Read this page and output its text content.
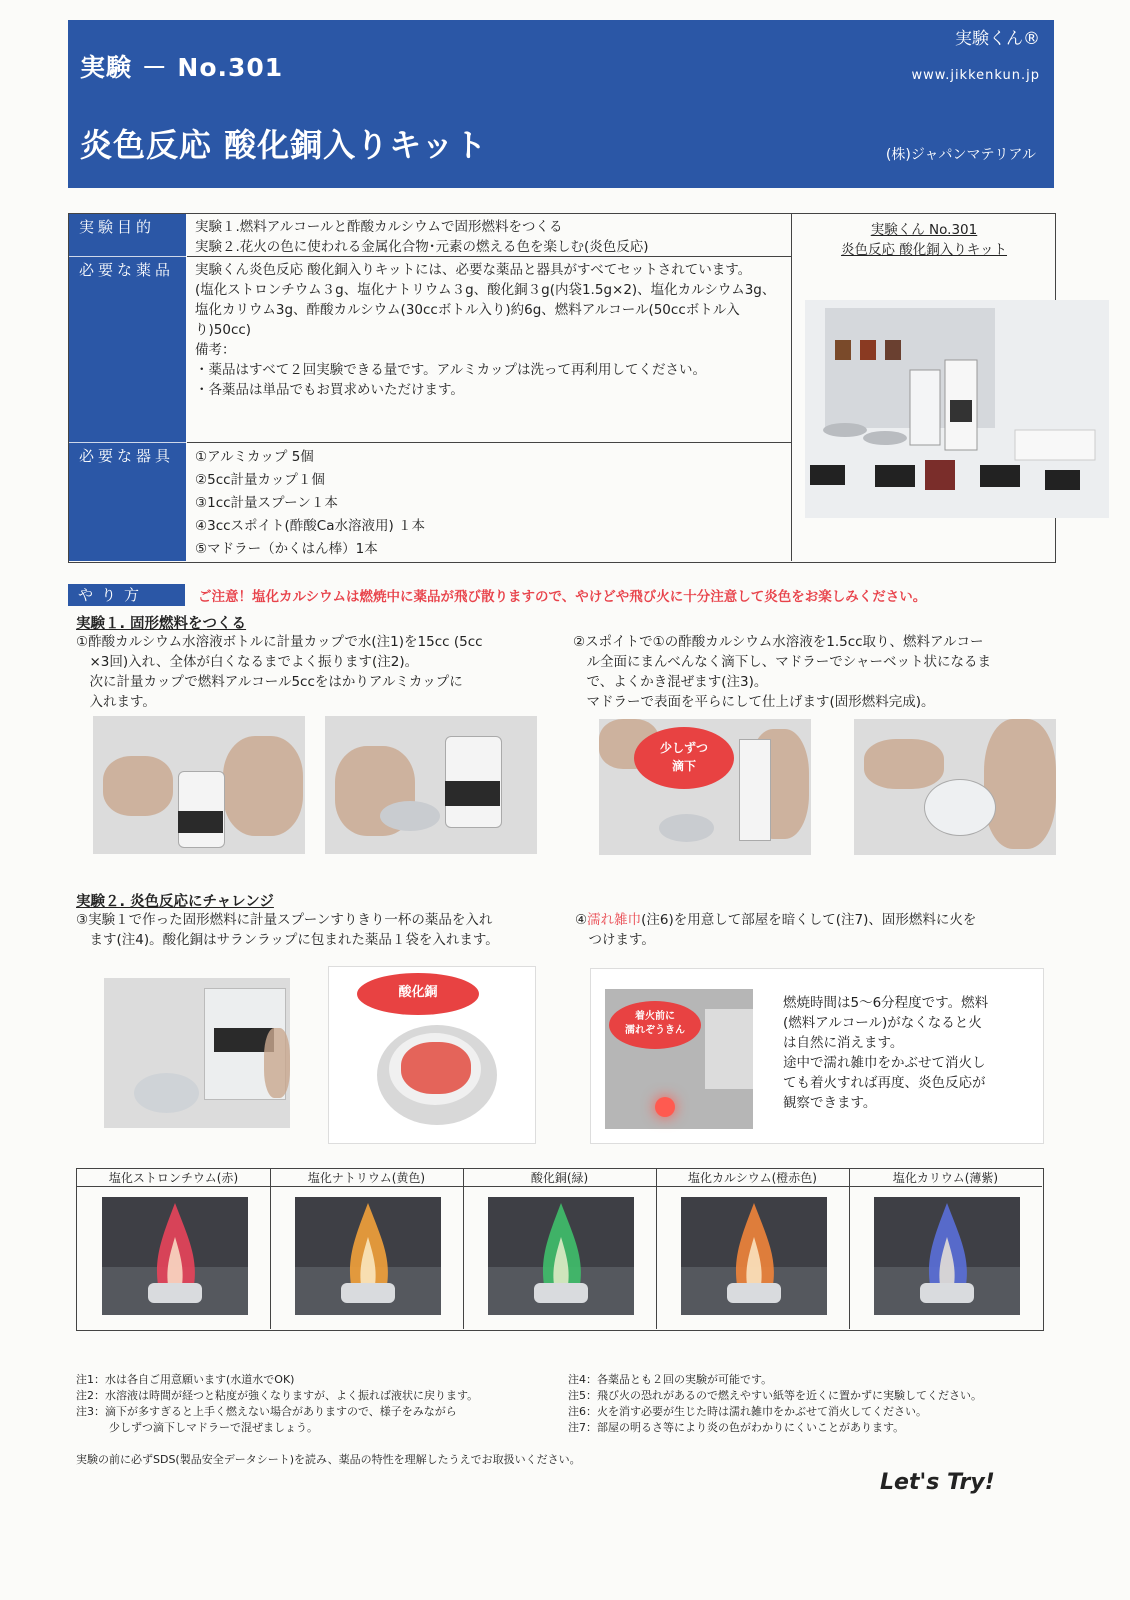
実験 － No.301
実験くん®
www.jikkenkun.jp
炎色反応 酸化銅入りキット	(株)ジャパンマテリアル
実験目的	実験１.燃料アルコールと酢酸カルシウムで固形燃料をつくる

実験２.花火の色に使われる金属化合物･元素の燃える色を楽しむ(炎色反応)

必要な薬品	実験くん炎色反応 酸化銅入りキットには、必要な薬品と器具がすべてセットされています。

(塩化ストロンチウム３g、塩化ナトリウム３g、酸化銅３g(内袋1.5g×2)、塩化カルシウム3g、塩化カリウム3g、酢酸カルシウム(30ccボトル入り)約6g、燃料アルコール(50ccボトル入り)50cc)

備考：

・薬品はすべて２回実験できる量です。アルミカップは洗って再利用してください。

・各薬品は単品でもお買求めいただけます。

必要な器具	①アルミカップ 5個

②5cc計量カップ１個

③1cc計量スプーン１本

④3ccスポイト(酢酸Ca水溶液用) １本

⑤マドラー（かくはん棒）1本

実験くん No.301
炎色反応 酸化銅入りキット
やり方	ご注意！塩化カルシウムは燃焼中に薬品が飛び散りますので、やけどや飛び火に十分注意して炎色をお楽しみください。
実験１. 固形燃料をつくる
①酢酸カルシウム水溶液ボトルに計量カップで水(注1)を15cc (5cc
　×3回)入れ、全体が白くなるまでよく振ります(注2)。
　次に計量カップで燃料アルコール5ccをはかりアルミカップに
　入れます。
②スポイトで①の酢酸カルシウム水溶液を1.5cc取り、燃料アルコー
　ル全面にまんべんなく滴下し、マドラーでシャーベット状になるま
　で、よくかき混ぜます(注3)。
　マドラーで表面を平らにして仕上げます(固形燃料完成)。
少しずつ
滴下
実験２. 炎色反応にチャレンジ
③実験１で作った固形燃料に計量スプーンすりきり一杯の薬品を入れ
　ます(注4)。酸化銅はサランラップに包まれた薬品１袋を入れます。
④濡れ雑巾(注6)を用意して部屋を暗くして(注7)、固形燃料に火を
　つけます。
酸化銅
着火前に
濡れぞうきん
燃焼時間は5〜6分程度です。燃料
(燃料アルコール)がなくなると火
は自然に消えます。
途中で濡れ雑巾をかぶせて消火し
ても着火すれば再度、炎色反応が
観察できます。
塩化ストロンチウム(赤)	塩化ナトリウム(黄色)	酸化銅(緑)	塩化カルシウム(橙赤色)	塩化カリウム(薄紫)
注1：水は各自ご用意願います(水道水でOK)
注2：水溶液は時間が経つと粘度が強くなりますが、よく振れば液状に戻ります。
注3：滴下が多すぎると上手く燃えない場合がありますので、様子をみながら
　　　少しずつ滴下しマドラーで混ぜましょう。
注4：各薬品とも２回の実験が可能です。
注5：飛び火の恐れがあるので燃えやすい紙等を近くに置かずに実験してください。
注6：火を消す必要が生じた時は濡れ雑巾をかぶせて消火してください。
注7：部屋の明るさ等により炎の色がわかりにくいことがあります。
実験の前に必ずSDS(製品安全データシート)を読み、薬品の特性を理解したうえでお取扱いください。
Let's Try!
